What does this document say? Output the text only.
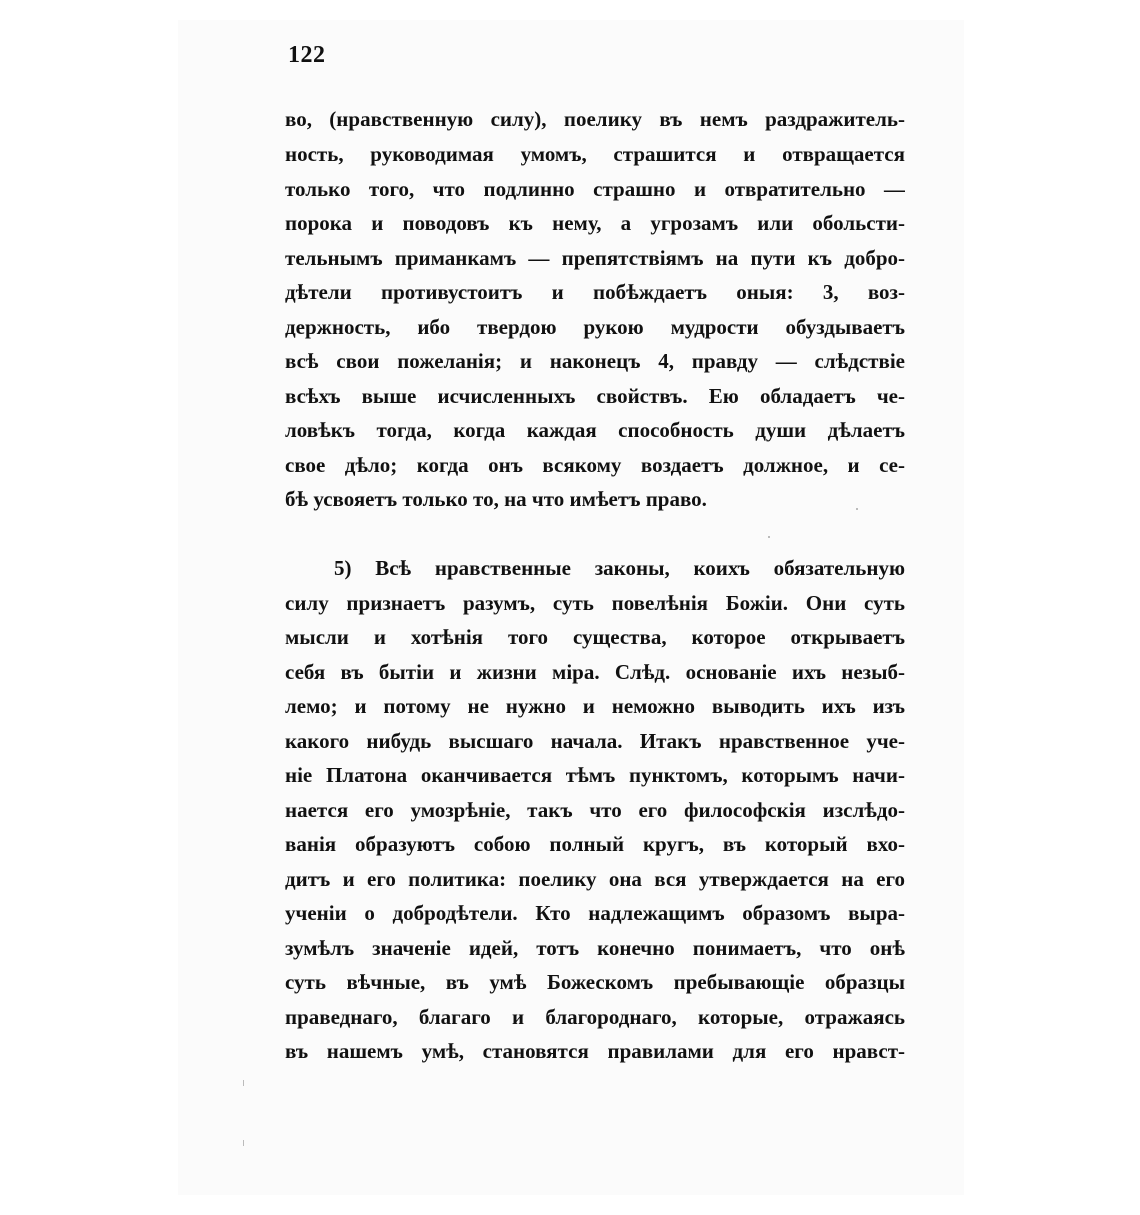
122
во, (нравственную силу), поелику въ немъ раздражитель-
ность, руководимая умомъ, страшится и отвращается
только того, что подлинно страшно и отвратительно —
порока и поводовъ къ нему, а угрозамъ или обольсти-
тельнымъ приманкамъ — препятствіямъ на пути къ добро-
дѣтели противустоитъ и побѣждаетъ оныя: 3, воз-
держность, ибо твердою рукою мудрости обуздываетъ
всѣ свои пожеланія; и наконецъ 4, правду — слѣдствіе
всѣхъ выше исчисленныхъ свойствъ. Ею обладаетъ че-
ловѣкъ тогда, когда каждая способность души дѣлаетъ
свое дѣло; когда онъ всякому воздаетъ должное, и се-
бѣ усвояетъ только то, на что имѣетъ право.
5) Всѣ нравственные законы, коихъ обязательную
силу признаетъ разумъ, суть повелѣнія Божіи. Они суть
мысли и хотѣнія того существа, которое открываетъ
себя въ бытіи и жизни міра. Слѣд. основаніе ихъ незыб-
лемо; и потому не нужно и неможно выводить ихъ изъ
какого нибудь высшаго начала. Итакъ нравственное уче-
ніе Платона оканчивается тѣмъ пунктомъ, которымъ начи-
нается его умозрѣніе, такъ что его философскія изслѣдо-
ванія образуютъ собою полный кругъ, въ который вхо-
дитъ и его политика: поелику она вся утверждается на его
ученіи о добродѣтели. Кто надлежащимъ образомъ выра-
зумѣлъ значеніе идей, тотъ конечно понимаетъ, что онѣ
суть вѣчные, въ умѣ Божескомъ пребывающіе образцы
праведнаго, благаго и благороднаго, которые, отражаясь
въ нашемъ умѣ, становятся правилами для его нравст-
